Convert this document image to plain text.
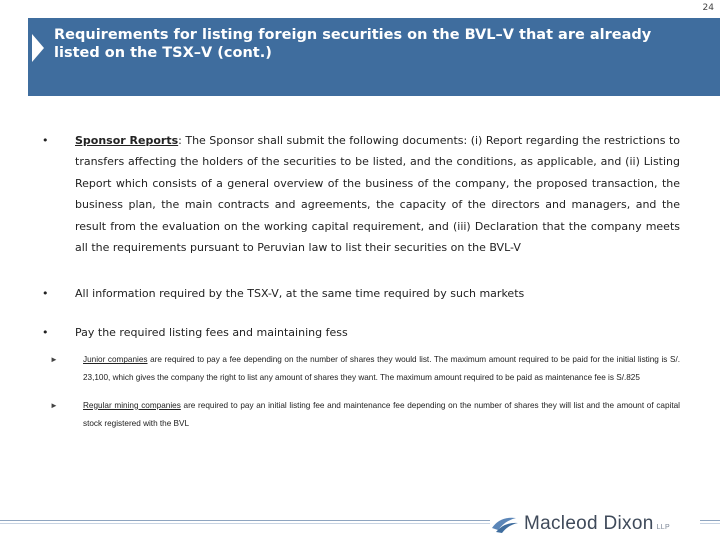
24
Requirements for listing foreign securities on the BVL–V that are already listed on the TSX–V (cont.)
• Sponsor Reports: The Sponsor shall submit the following documents: (i) Report regarding the restrictions to transfers affecting the holders of the securities to be listed, and the conditions, as applicable, and (ii) Listing Report which consists of a general overview of the business of the company, the proposed transaction, the business plan, the main contracts and agreements, the capacity of the directors and managers, and the result from the evaluation on the working capital requirement, and (iii) Declaration that the company meets all the requirements pursuant to Peruvian law to list their securities on the BVL-V
• All information required by the TSX-V, at the same time required by such markets
• Pay the required listing fees and maintaining fess
►	Junior companies are required to pay a fee depending on the number of shares they would list. The maximum amount required to be paid for the initial listing is S/. 23,100, which gives the company the right to list any amount of shares they want. The maximum amount required to be paid as maintenance fee is S/.825
►	Regular mining companies are required to pay an initial listing fee and maintenance fee depending on the number of shares they will list and the amount of capital stock registered with the BVL
Macleod Dixon LLP
